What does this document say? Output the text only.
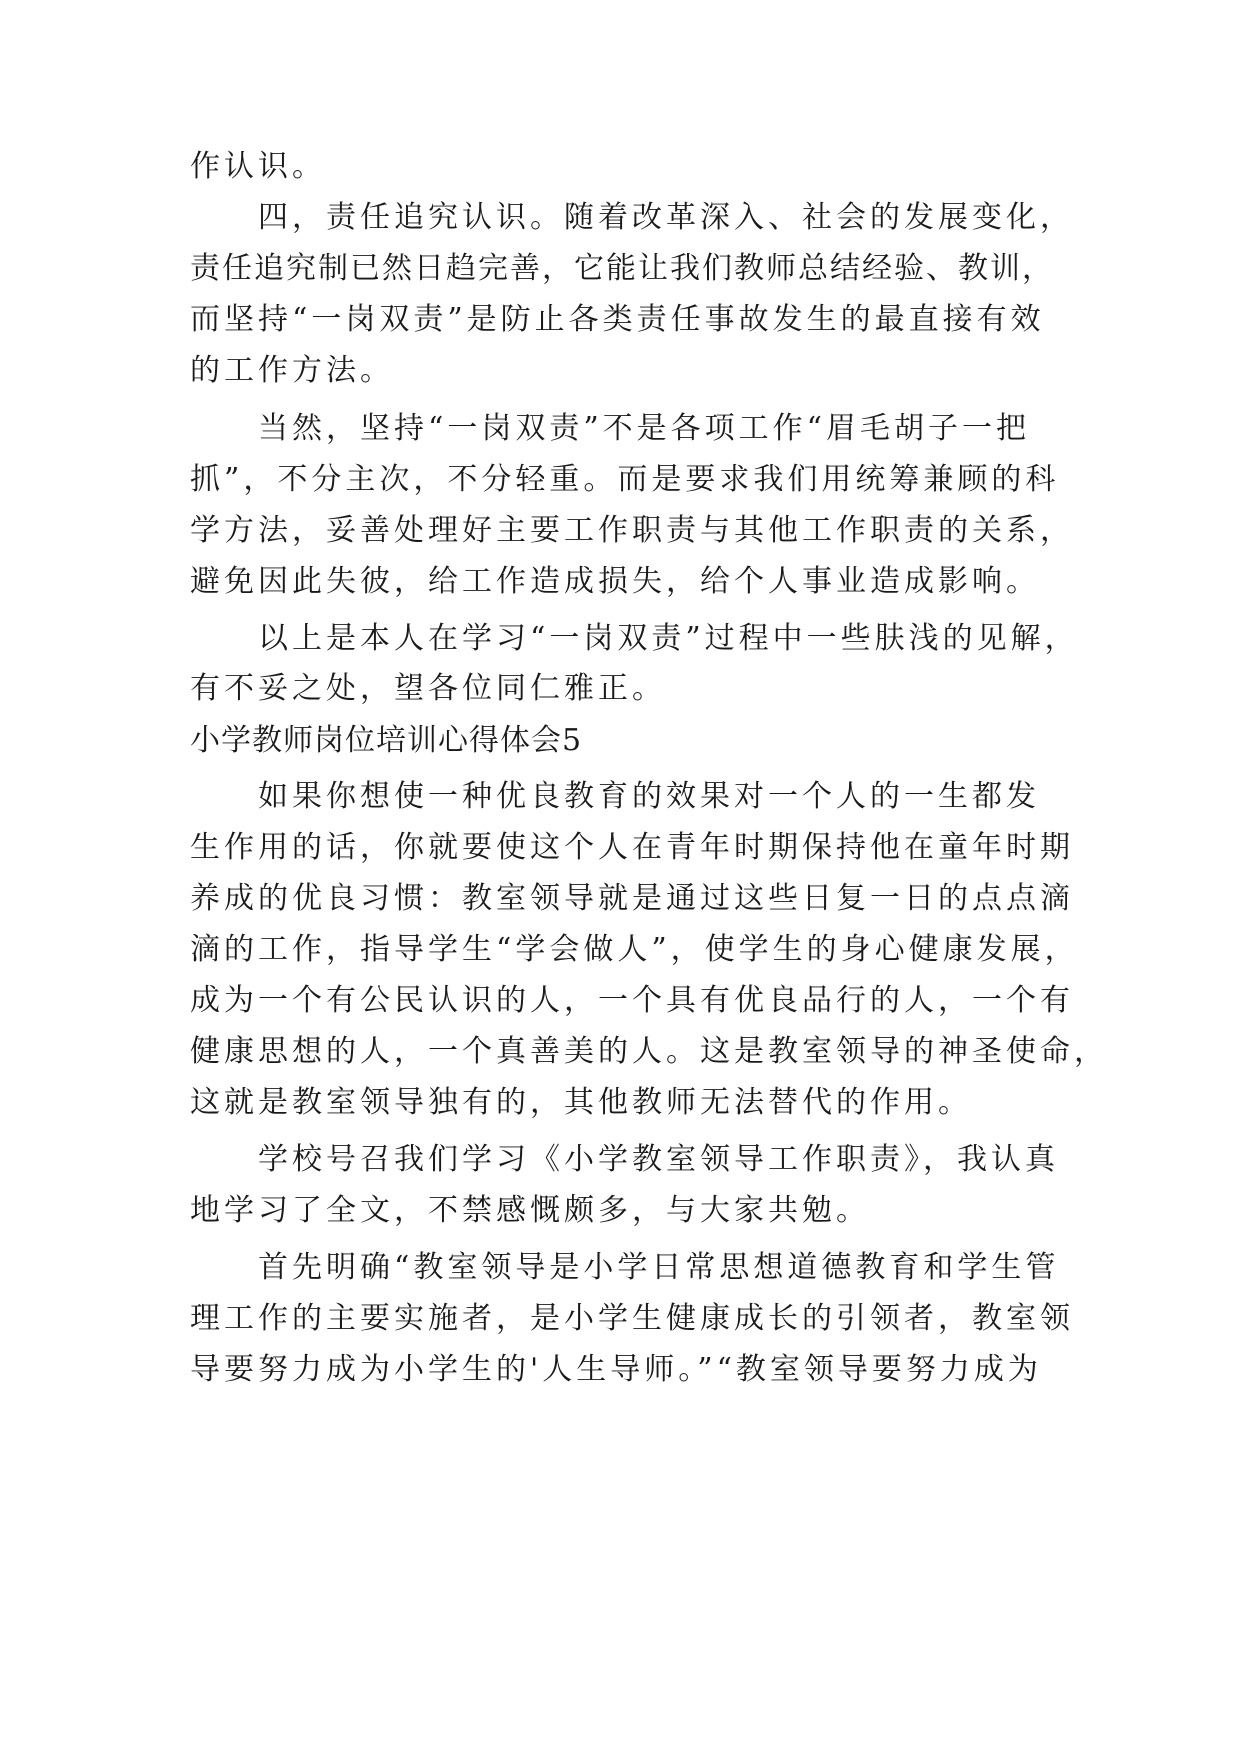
作认识。
四，责任追究认识。随着改革深入、社会的发展变化，
责任追究制已然日趋完善，它能让我们教师总结经验、教训，
而坚持“一岗双责”是防止各类责任事故发生的最直接有效
的工作方法。
当然，坚持“一岗双责”不是各项工作“眉毛胡子一把
抓”，不分主次，不分轻重。而是要求我们用统筹兼顾的科
学方法，妥善处理好主要工作职责与其他工作职责的关系，
避免因此失彼，给工作造成损失，给个人事业造成影响。
以上是本人在学习“一岗双责”过程中一些肤浅的见解，
有不妥之处，望各位同仁雅正。
小学教师岗位培训心得体会5
如果你想使一种优良教育的效果对一个人的一生都发
生作用的话，你就要使这个人在青年时期保持他在童年时期
养成的优良习惯：教室领导就是通过这些日复一日的点点滴
滴的工作，指导学生“学会做人”，使学生的身心健康发展，
成为一个有公民认识的人，一个具有优良品行的人，一个有
健康思想的人，一个真善美的人。这是教室领导的神圣使命，
这就是教室领导独有的，其他教师无法替代的作用。
学校号召我们学习《小学教室领导工作职责》，我认真
地学习了全文，不禁感慨颇多，与大家共勉。
首先明确“教室领导是小学日常思想道德教育和学生管
理工作的主要实施者，是小学生健康成长的引领者，教室领
导要努力成为小学生的'人生导师。”“教室领导要努力成为
